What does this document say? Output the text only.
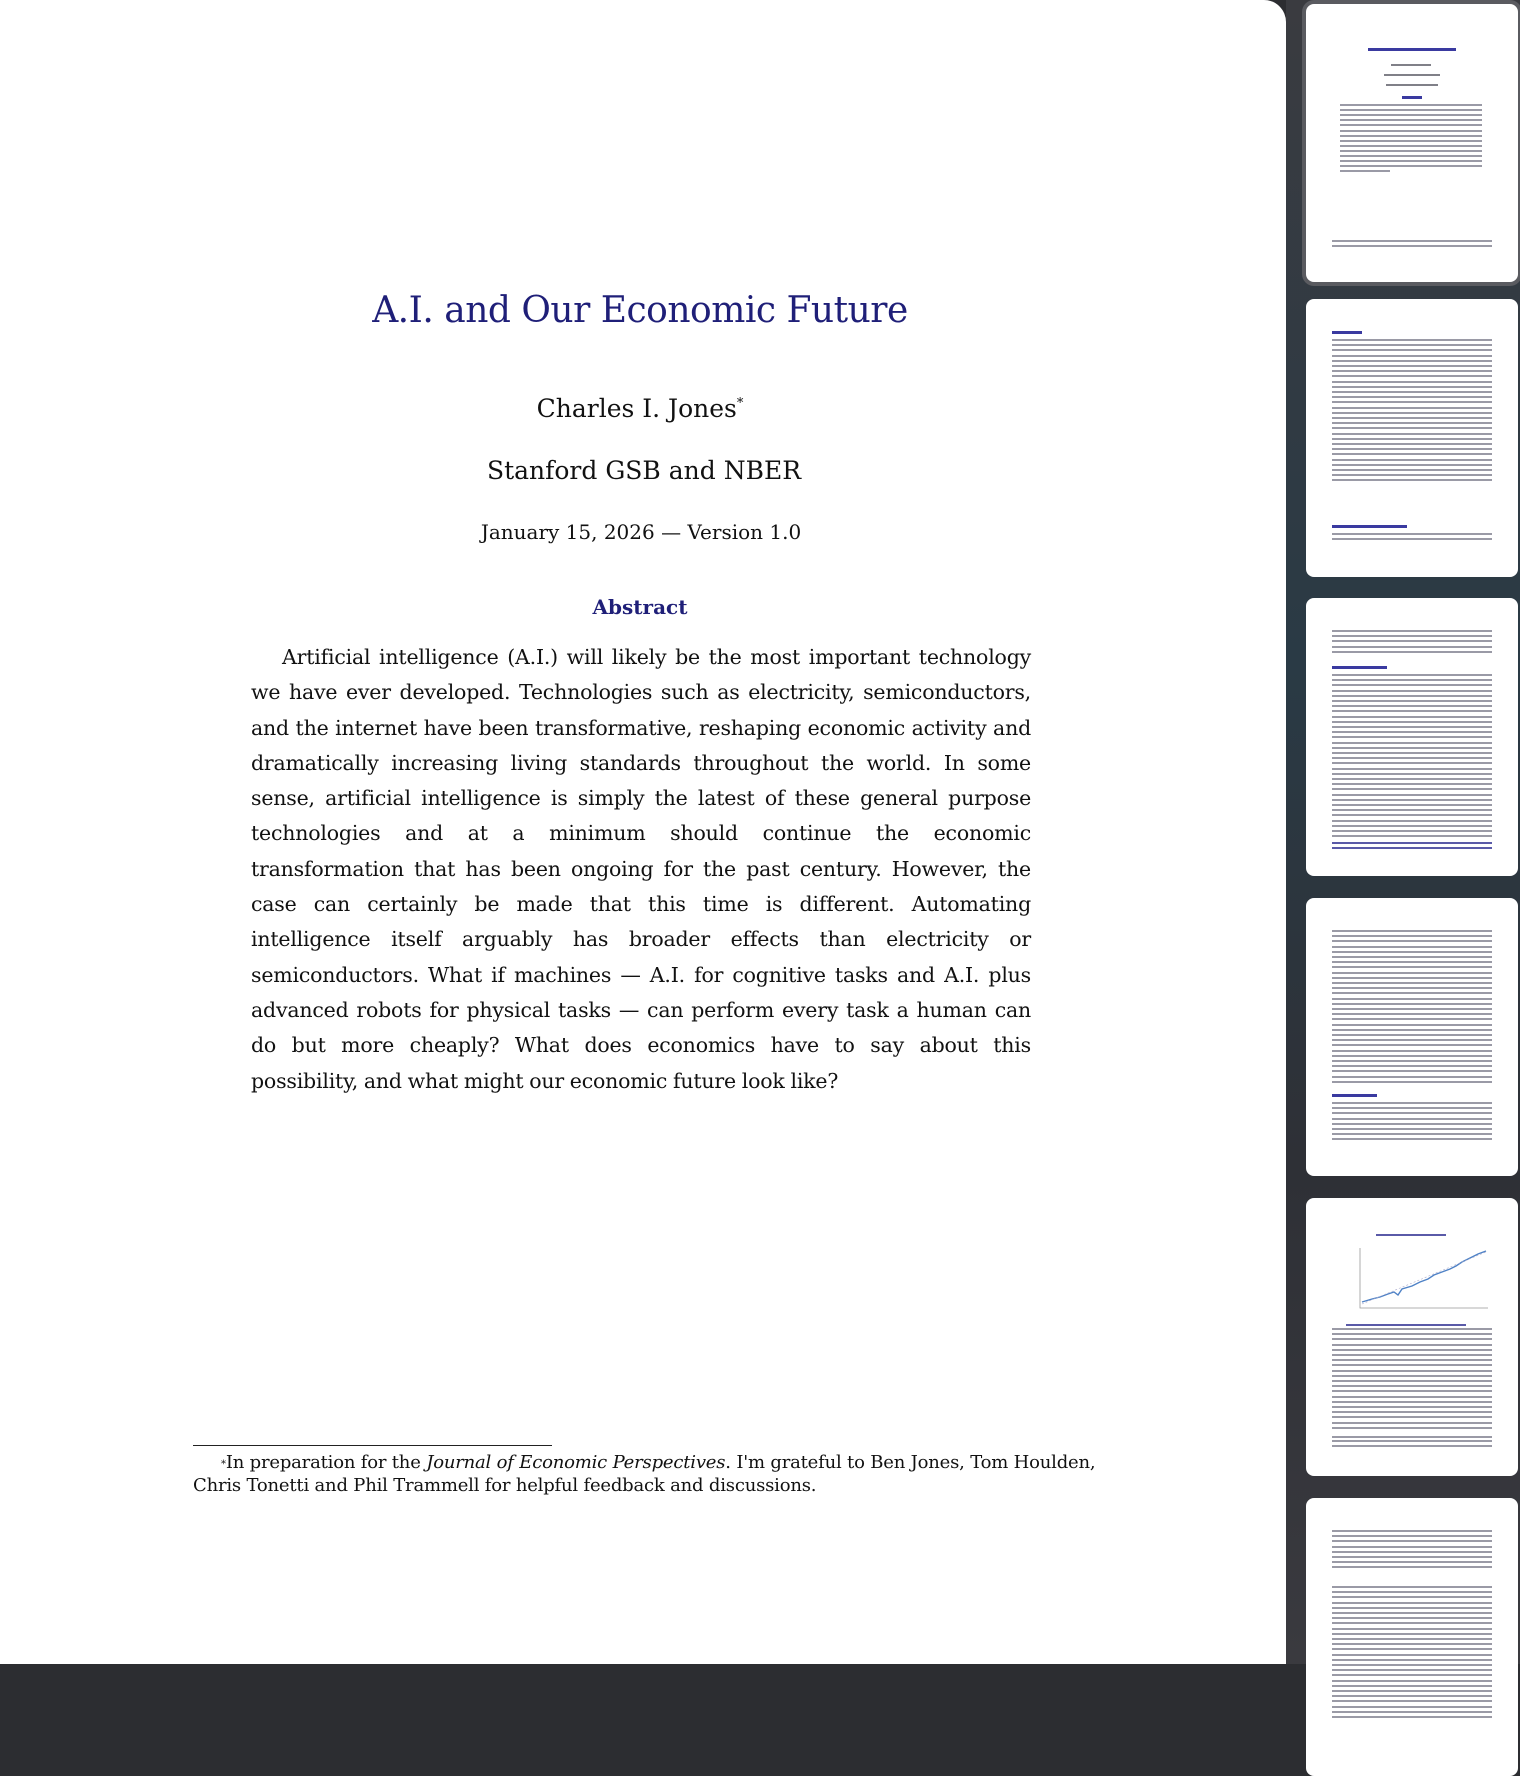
A.I. and Our Economic Future
Charles I. Jones*
Stanford GSB and NBER
January 15, 2026 — Version 1.0
Abstract
Artificial intelligence (A.I.) will likely be the most important technology we have ever developed. Technologies such as electricity, semiconductors, and the internet have been transformative, reshaping economic activity and dramatically increasing living standards throughout the world. In some sense, artificial intelligence is simply the latest of these general purpose technologies and at a minimum should continue the economic transformation that has been ongoing for the past century. However, the case can certainly be made that this time is different. Automating intelligence itself arguably has broader effects than electricity or semiconductors. What if machines — A.I. for cognitive tasks and A.I. plus advanced robots for physical tasks — can perform every task a human can do but more cheaply? What does economics have to say about this possibility, and what might our economic future look like?
*In preparation for the Journal of Economic Perspectives. I'm grateful to Ben Jones, Tom Houlden, Chris Tonetti and Phil Trammell for helpful feedback and discussions.
